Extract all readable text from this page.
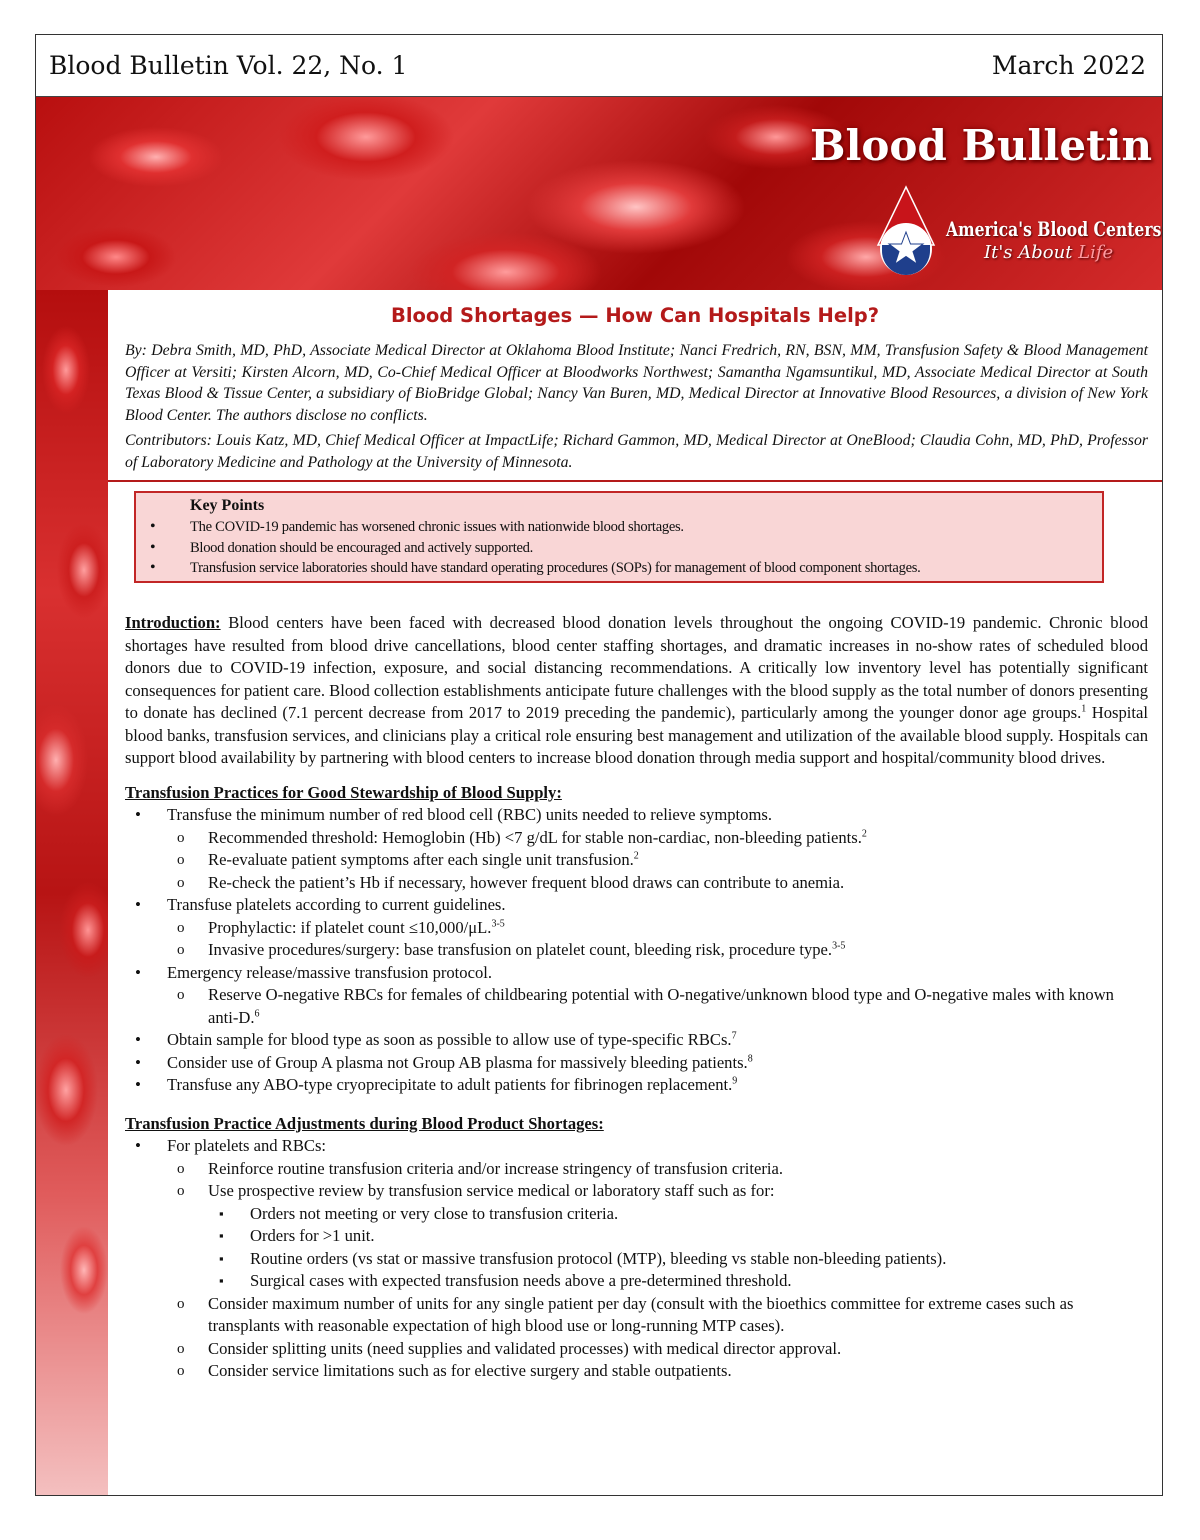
Blood Bulletin Vol. 22, No. 1	March 2022
Blood Bulletin
America's Blood Centers
It's About Life
Blood Shortages — How Can Hospitals Help?

By: Debra Smith, MD, PhD, Associate Medical Director at Oklahoma Blood Institute; Nanci Fredrich, RN, BSN, MM, Transfusion Safety & Blood Management Officer at Versiti; Kirsten Alcorn, MD, Co-Chief Medical Officer at Bloodworks Northwest; Samantha Ngamsuntikul, MD, Associate Medical Director at South Texas Blood & Tissue Center, a subsidiary of BioBridge Global; Nancy Van Buren, MD, Medical Director at Innovative Blood Resources, a division of New York Blood Center. The authors disclose no conflicts.

Contributors: Louis Katz, MD, Chief Medical Officer at ImpactLife; Richard Gammon, MD, Medical Director at OneBlood; Claudia Cohn, MD, PhD, Professor of Laboratory Medicine and Pathology at the University of Minnesota.

Key Points
• The COVID-19 pandemic has worsened chronic issues with nationwide blood shortages.
• Blood donation should be encouraged and actively supported.
• Transfusion service laboratories should have standard operating procedures (SOPs) for management of blood component shortages.

Introduction: Blood centers have been faced with decreased blood donation levels throughout the ongoing COVID-19 pandemic. Chronic blood shortages have resulted from blood drive cancellations, blood center staffing shortages, and dramatic increases in no-show rates of scheduled blood donors due to COVID-19 infection, exposure, and social distancing recommendations. A critically low inventory level has potentially significant consequences for patient care. Blood collection establishments anticipate future challenges with the blood supply as the total number of donors presenting to donate has declined (7.1 percent decrease from 2017 to 2019 preceding the pandemic), particularly among the younger donor age groups.$^1$ Hospital blood banks, transfusion services, and clinicians play a critical role ensuring best management and utilization of the available blood supply. Hospitals can support blood availability by partnering with blood centers to increase blood donation through media support and hospital/community blood drives.

Transfusion Practices for Good Stewardship of Blood Supply:
• Transfuse the minimum number of red blood cell (RBC) units needed to relieve symptoms.
o Recommended threshold: Hemoglobin (Hb) <7 g/dL for stable non-cardiac, non-bleeding patients.$^2$
o Re-evaluate patient symptoms after each single unit transfusion.$^2$
o Re-check the patient’s Hb if necessary, however frequent blood draws can contribute to anemia.
• Transfuse platelets according to current guidelines.
o Prophylactic: if platelet count ≤10,000/μL.$^{3-5}$
o Invasive procedures/surgery: base transfusion on platelet count, bleeding risk, procedure type.$^{3-5}$
• Emergency release/massive transfusion protocol.
o Reserve O-negative RBCs for females of childbearing potential with O-negative/unknown blood type and O-negative males with known anti-D.$^6$
• Obtain sample for blood type as soon as possible to allow use of type-specific RBCs.$^7$
• Consider use of Group A plasma not Group AB plasma for massively bleeding patients.$^8$
• Transfuse any ABO-type cryoprecipitate to adult patients for fibrinogen replacement.$^9$
Transfusion Practice Adjustments during Blood Product Shortages:
• For platelets and RBCs:
o Reinforce routine transfusion criteria and/or increase stringency of transfusion criteria.
o Use prospective review by transfusion service medical or laboratory staff such as for:
▪ Orders not meeting or very close to transfusion criteria.
▪ Orders for >1 unit.
▪ Routine orders (vs stat or massive transfusion protocol (MTP), bleeding vs stable non-bleeding patients).
▪ Surgical cases with expected transfusion needs above a pre-determined threshold.
o Consider maximum number of units for any single patient per day (consult with the bioethics committee for extreme cases such as transplants with reasonable expectation of high blood use or long-running MTP cases).
o Consider splitting units (need supplies and validated processes) with medical director approval.
o Consider service limitations such as for elective surgery and stable outpatients.
